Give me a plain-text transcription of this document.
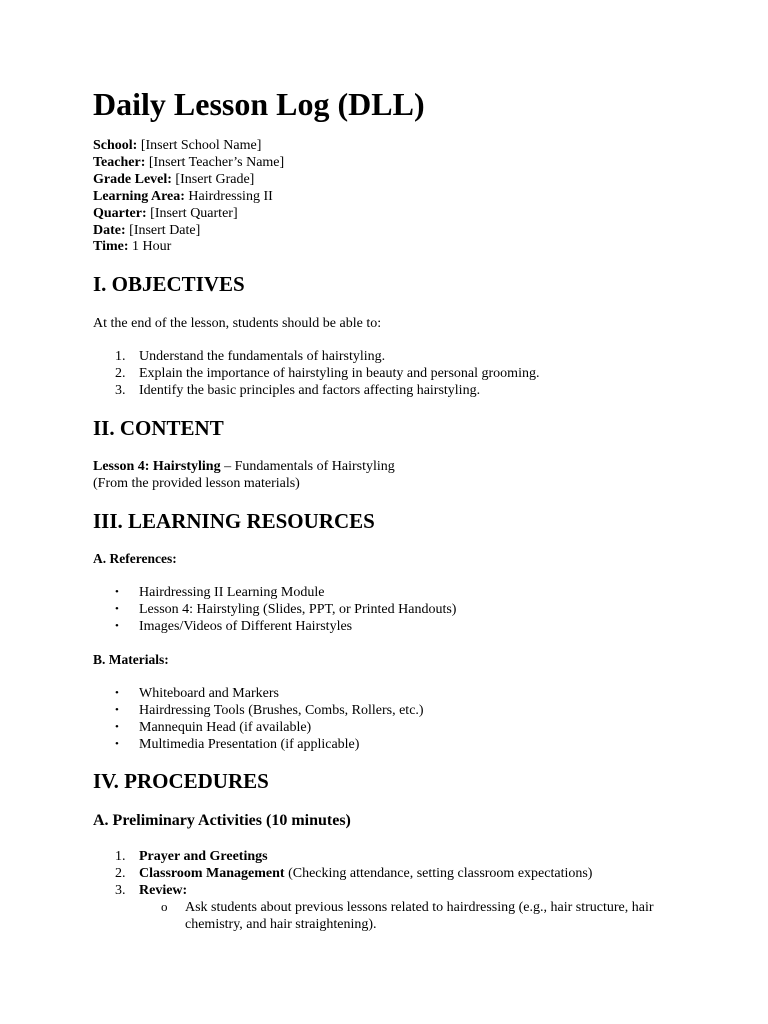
Daily Lesson Log (DLL)
School: [Insert School Name]
Teacher: [Insert Teacher’s Name]
Grade Level: [Insert Grade]
Learning Area: Hairdressing II
Quarter: [Insert Quarter]
Date: [Insert Date]
Time: 1 Hour
I. OBJECTIVES
At the end of the lesson, students should be able to:
1. Understand the fundamentals of hairstyling.
2. Explain the importance of hairstyling in beauty and personal grooming.
3. Identify the basic principles and factors affecting hairstyling.
II. CONTENT
Lesson 4: Hairstyling – Fundamentals of Hairstyling
(From the provided lesson materials)
III. LEARNING RESOURCES
A. References:
• Hairdressing II Learning Module
• Lesson 4: Hairstyling (Slides, PPT, or Printed Handouts)
• Images/Videos of Different Hairstyles
B. Materials:
• Whiteboard and Markers
• Hairdressing Tools (Brushes, Combs, Rollers, etc.)
• Mannequin Head (if available)
• Multimedia Presentation (if applicable)
IV. PROCEDURES
A. Preliminary Activities (10 minutes)
1. Prayer and Greetings
2. Classroom Management (Checking attendance, setting classroom expectations)
3. Review:
o Ask students about previous lessons related to hairdressing (e.g., hair structure, hair chemistry, and hair straightening).
